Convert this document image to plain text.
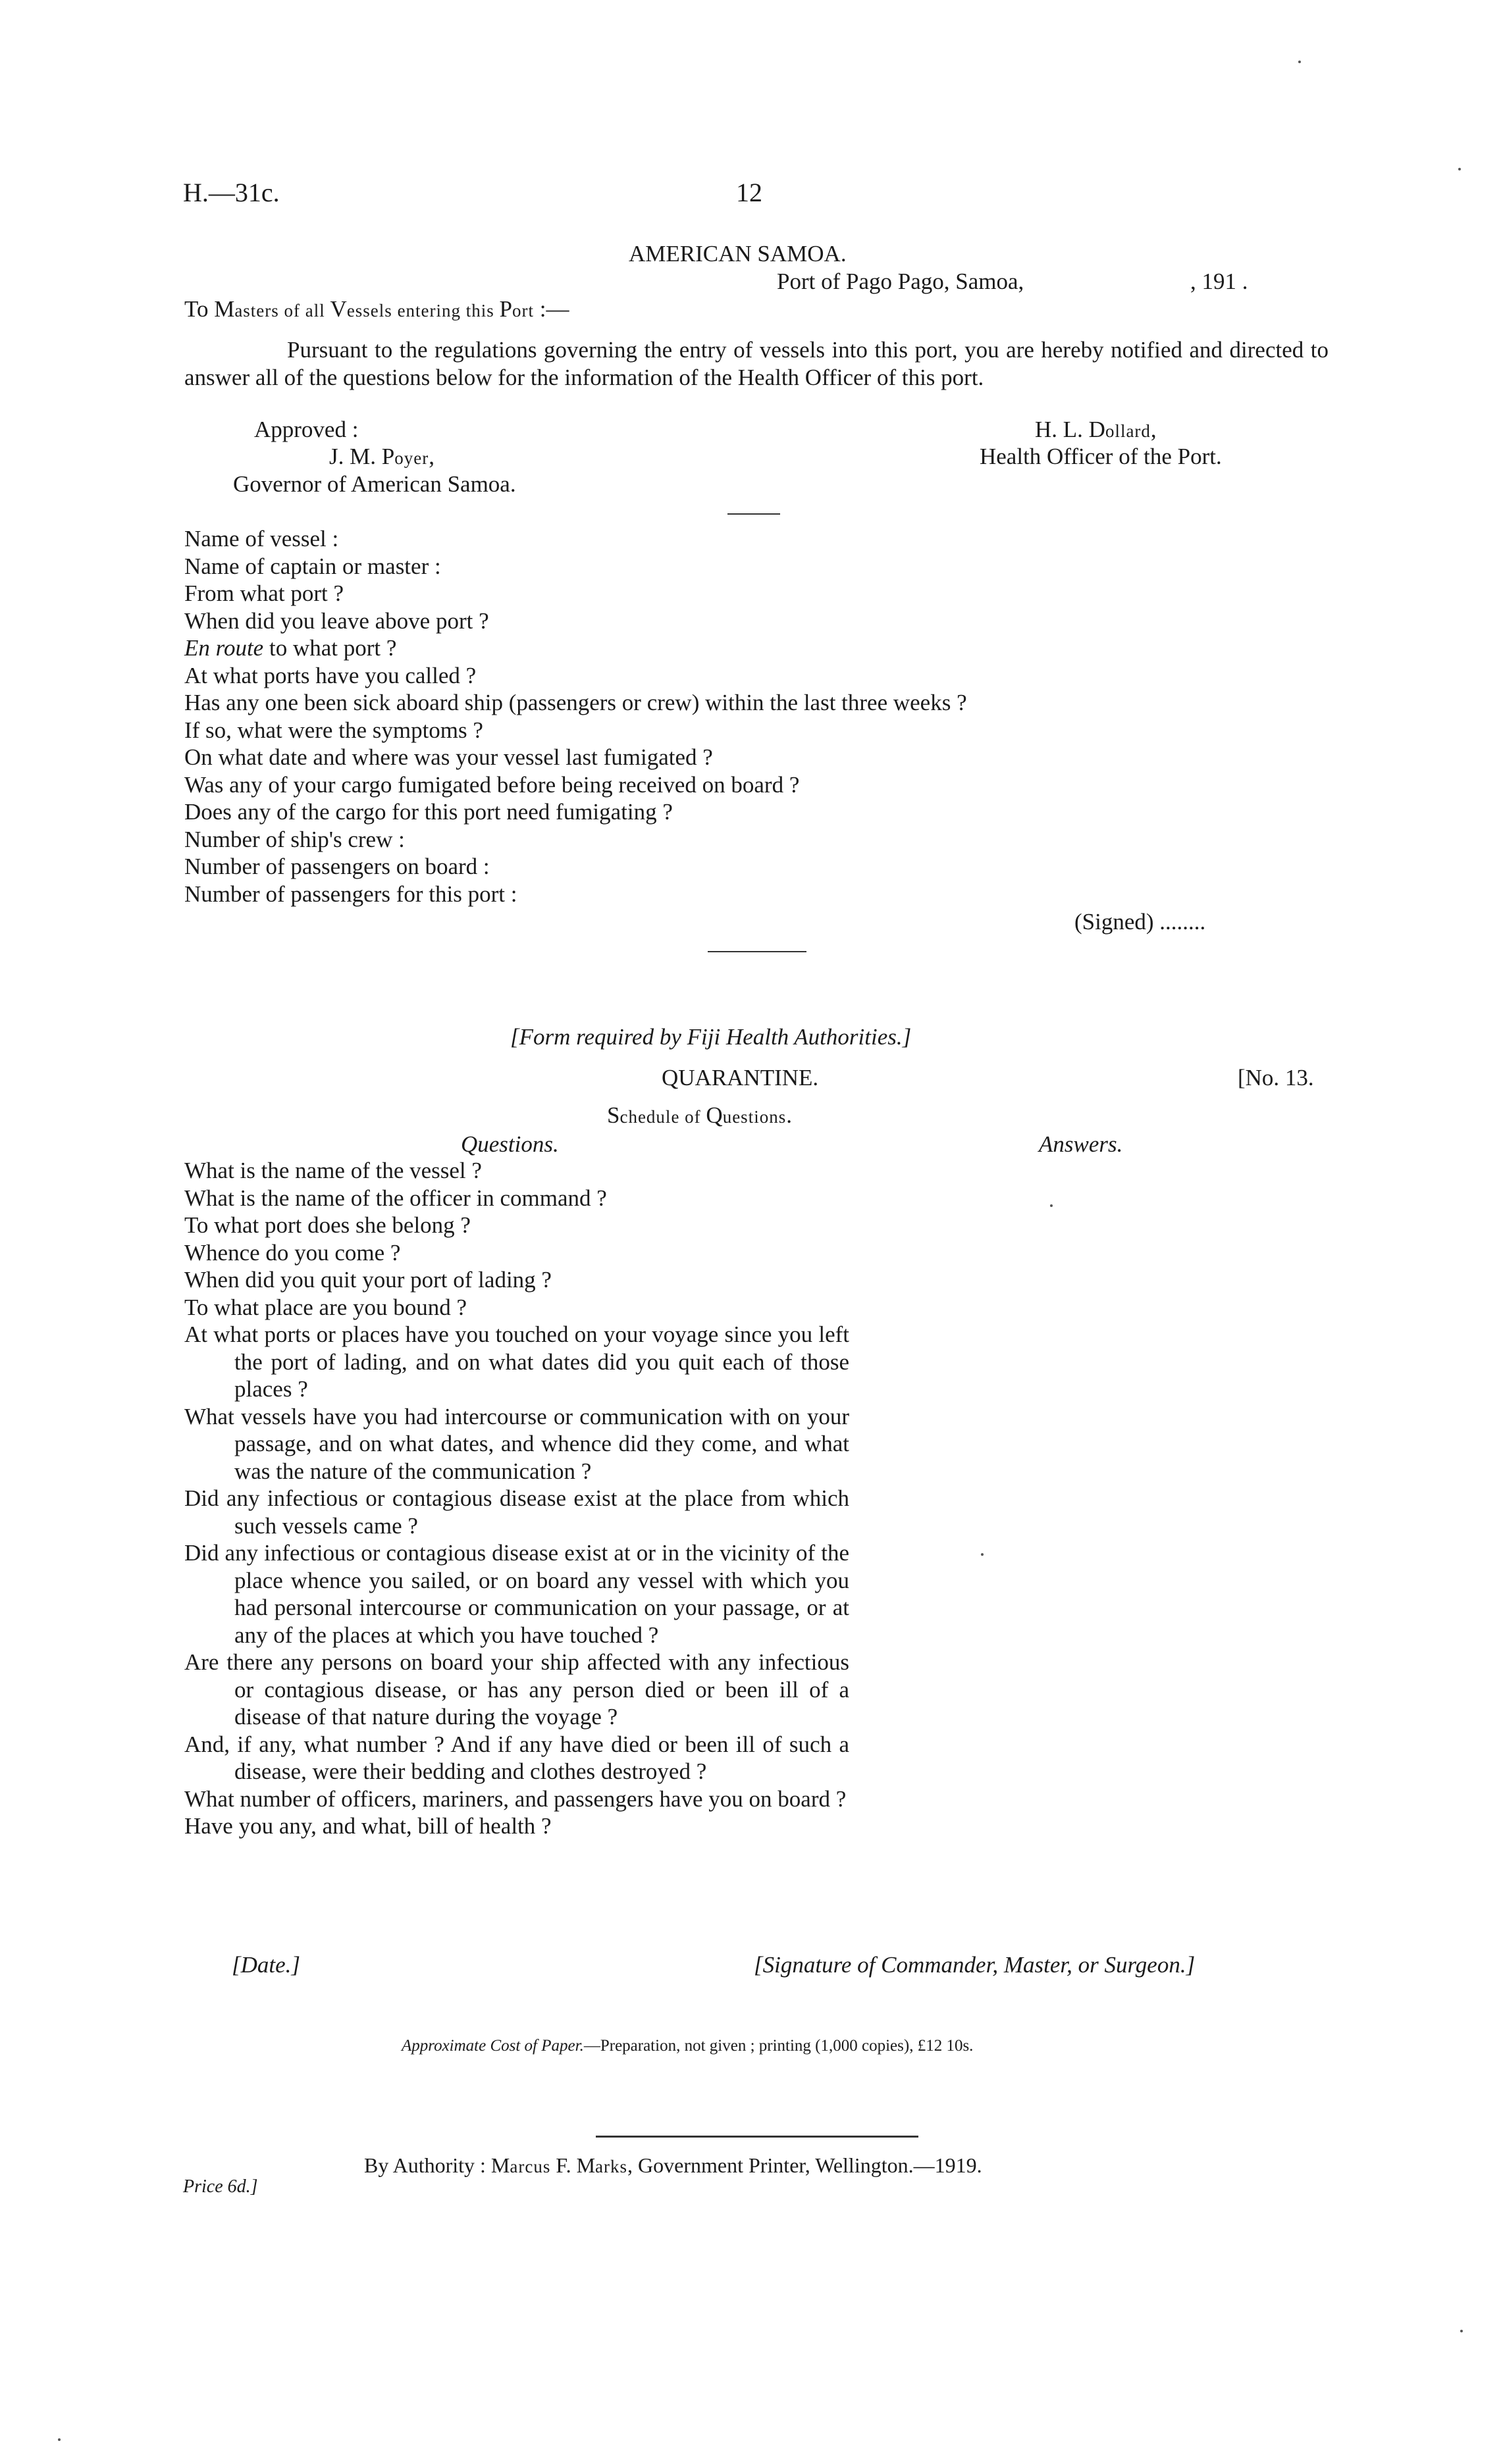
H.—31c.	12
AMERICAN SAMOA.
Port of Pago Pago, Samoa,	, 191 .
To Masters of all Vessels entering this Port :—
Pursuant to the regulations governing the entry of vessels into this port, you are hereby notified and directed to answer all of the questions below for the information of the Health Officer of this port.
Approved :
J. M. Poyer,
Governor of American Samoa.
H. L. Dollard,
Health Officer of the Port.
Name of vessel :
Name of captain or master :
From what port ?
When did you leave above port ?
En route to what port ?
At what ports have you called ?
Has any one been sick aboard ship (passengers or crew) within the last three weeks ?
If so, what were the symptoms ?
On what date and where was your vessel last fumigated ?
Was any of your cargo fumigated before being received on board ?
Does any of the cargo for this port need fumigating ?
Number of ship's crew :
Number of passengers on board :
Number of passengers for this port :
(Signed) ........
[Form required by Fiji Health Authorities.]
QUARANTINE.	[No. 13.
Schedule of Questions.
Questions.	Answers.
What is the name of the vessel ?
What is the name of the officer in command ?
To what port does she belong ?
Whence do you come ?
When did you quit your port of lading ?
To what place are you bound ?
At what ports or places have you touched on your voyage since you left the port of lading, and on what dates did you quit each of those places ?
What vessels have you had intercourse or communication with on your passage, and on what dates, and whence did they come, and what was the nature of the communication ?
Did any infectious or contagious disease exist at the place from which such vessels came ?
Did any infectious or contagious disease exist at or in the vicinity of the place whence you sailed, or on board any vessel with which you had personal intercourse or communication on your passage, or at any of the places at which you have touched ?
Are there any persons on board your ship affected with any infectious or contagious disease, or has any person died or been ill of a disease of that nature during the voyage ?
And, if any, what number ? And if any have died or been ill of such a disease, were their bedding and clothes destroyed ?
What number of officers, mariners, and passengers have you on board ?
Have you any, and what, bill of health ?
[Date.]	[Signature of Commander, Master, or Surgeon.]
Approximate Cost of Paper.—Preparation, not given ; printing (1,000 copies), £12 10s.
By Authority : Marcus F. Marks, Government Printer, Wellington.—1919.
Price 6d.]
